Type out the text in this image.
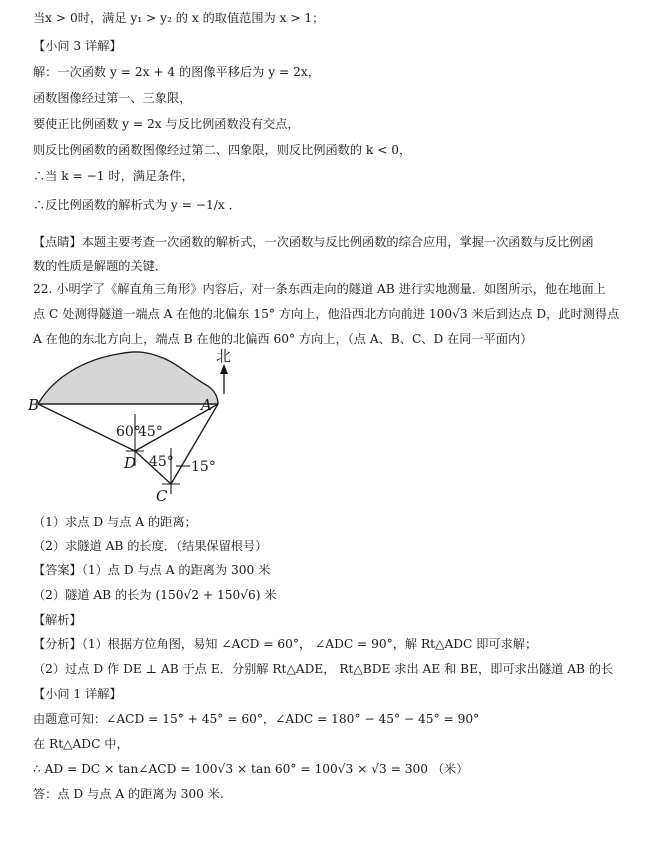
当x > 0时，满足 y₁ > y₂ 的 x 的取值范围为 x > 1；
【小问 3 详解】
解：一次函数 y = 2x + 4 的图像平移后为 y = 2x，
函数图像经过第一、三象限，
要使正比例函数 y = 2x 与反比例函数没有交点，
则反比例函数的函数图像经过第二、四象限，则反比例函数的 k < 0，
∴当 k = −1 时，满足条件，
∴反比例函数的解析式为 y = −1/x ．
【点睛】本题主要考查一次函数的解析式，一次函数与反比例函数的综合应用，掌握一次函数与反比例函
数的性质是解题的关键．
22. 小明学了《解直角三角形》内容后，对一条东西走向的隧道 AB 进行实地测量．如图所示，他在地面上
点 C 处测得隧道一端点 A 在他的北偏东 15° 方向上，他沿西北方向前进 100√3 米后到达点 D，此时测得点
A 在他的东北方向上，端点 B 在他的北偏西 60° 方向上，（点 A、B、C、D 在同一平面内）
（1）求点 D 与点 A 的距离；
（2）求隧道 AB 的长度．（结果保留根号）
【答案】（1）点 D 与点 A 的距离为 300 米
（2）隧道 AB 的长为 (150√2 + 150√6) 米
【解析】
【分析】（1）根据方位角图，易知 ∠ACD = 60°， ∠ADC = 90°，解 Rt△ADC 即可求解；
（2）过点 D 作 DE ⊥ AB 于点 E．分别解 Rt△ADE， Rt△BDE 求出 AE 和 BE，即可求出隧道 AB 的长
【小问 1 详解】
由题意可知：∠ACD = 15° + 45° = 60°，∠ADC = 180° − 45° − 45° = 90°
在 Rt△ADC 中，
∴ AD = DC × tan∠ACD = 100√3 × tan 60° = 100√3 × √3 = 300 （米）
答：点 D 与点 A 的距离为 300 米.
北
B	A
D
C
60°
45°
45° 15°
